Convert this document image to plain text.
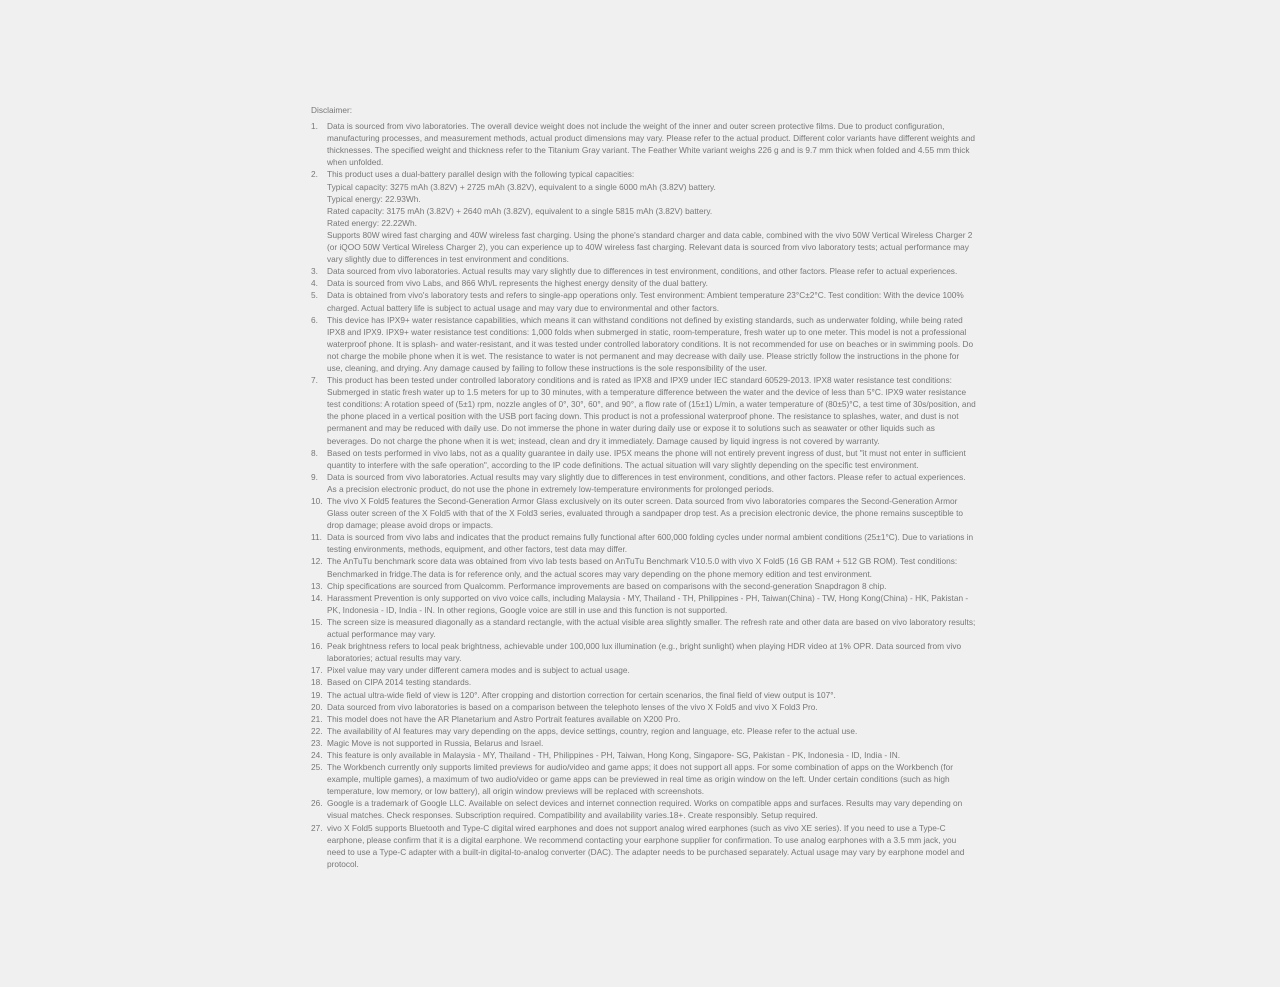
Disclaimer:
1.	Data is sourced from vivo laboratories. The overall device weight does not include the weight of the inner and outer screen protective films. Due to product configuration, manufacturing processes, and measurement methods, actual product dimensions may vary. Please refer to the actual product. Different color variants have different weights and thicknesses. The specified weight and thickness refer to the Titanium Gray variant. The Feather White variant weighs 226 g and is 9.7 mm thick when folded and 4.55 mm thick when unfolded.
2.	This product uses a dual-battery parallel design with the following typical capacities:
Typical capacity: 3275 mAh (3.82V) + 2725 mAh (3.82V), equivalent to a single 6000 mAh (3.82V) battery.
Typical energy: 22.93Wh.
Rated capacity: 3175 mAh (3.82V) + 2640 mAh (3.82V), equivalent to a single 5815 mAh (3.82V) battery.
Rated energy: 22.22Wh.
Supports 80W wired fast charging and 40W wireless fast charging. Using the phone's standard charger and data cable, combined with the vivo 50W Vertical Wireless Charger 2 (or iQOO 50W Vertical Wireless Charger 2), you can experience up to 40W wireless fast charging. Relevant data is sourced from vivo laboratory tests; actual performance may vary slightly due to differences in test environment and conditions.
3.	Data sourced from vivo laboratories. Actual results may vary slightly due to differences in test environment, conditions, and other factors. Please refer to actual experiences.
4.	Data is sourced from vivo Labs, and 866 Wh/L represents the highest energy density of the dual battery.
5.	Data is obtained from vivo's laboratory tests and refers to single-app operations only. Test environment: Ambient temperature 23°C±2°C. Test condition: With the device 100% charged. Actual battery life is subject to actual usage and may vary due to environmental and other factors.
6.	This device has IPX9+ water resistance capabilities, which means it can withstand conditions not defined by existing standards, such as underwater folding, while being rated IPX8 and IPX9. IPX9+ water resistance test conditions: 1,000 folds when submerged in static, room-temperature, fresh water up to one meter. This model is not a professional waterproof phone. It is splash- and water-resistant, and it was tested under controlled laboratory conditions. It is not recommended for use on beaches or in swimming pools. Do not charge the mobile phone when it is wet. The resistance to water is not permanent and may decrease with daily use. Please strictly follow the instructions in the phone for use, cleaning, and drying. Any damage caused by failing to follow these instructions is the sole responsibility of the user.
7.	This product has been tested under controlled laboratory conditions and is rated as IPX8 and IPX9 under IEC standard 60529-2013. IPX8 water resistance test conditions: Submerged in static fresh water up to 1.5 meters for up to 30 minutes, with a temperature difference between the water and the device of less than 5°C. IPX9 water resistance test conditions: A rotation speed of (5±1) rpm, nozzle angles of 0°, 30°, 60°, and 90°, a flow rate of (15±1) L/min, a water temperature of (80±5)°C, a test time of 30s/position, and the phone placed in a vertical position with the USB port facing down. This product is not a professional waterproof phone. The resistance to splashes, water, and dust is not permanent and may be reduced with daily use. Do not immerse the phone in water during daily use or expose it to solutions such as seawater or other liquids such as beverages. Do not charge the phone when it is wet; instead, clean and dry it immediately. Damage caused by liquid ingress is not covered by warranty.
8.	Based on tests performed in vivo labs, not as a quality guarantee in daily use. IP5X means the phone will not entirely prevent ingress of dust, but "it must not enter in sufficient quantity to interfere with the safe operation", according to the IP code definitions. The actual situation will vary slightly depending on the specific test environment.
9.	Data is sourced from vivo laboratories. Actual results may vary slightly due to differences in test environment, conditions, and other factors. Please refer to actual experiences. As a precision electronic product, do not use the phone in extremely low-temperature environments for prolonged periods.
10. The vivo X Fold5 features the Second-Generation Armor Glass exclusively on its outer screen. Data sourced from vivo laboratories compares the Second-Generation Armor Glass outer screen of the X Fold5 with that of the X Fold3 series, evaluated through a sandpaper drop test. As a precision electronic device, the phone remains susceptible to drop damage; please avoid drops or impacts.
11. Data is sourced from vivo labs and indicates that the product remains fully functional after 600,000 folding cycles under normal ambient conditions (25±1°C). Due to variations in testing environments, methods, equipment, and other factors, test data may differ.
12. The AnTuTu benchmark score data was obtained from vivo lab tests based on AnTuTu Benchmark V10.5.0 with vivo X Fold5 (16 GB RAM + 512 GB ROM). Test conditions: Benchmarked in fridge.The data is for reference only, and the actual scores may vary depending on the phone memory edition and test environment.
13. Chip specifications are sourced from Qualcomm. Performance improvements are based on comparisons with the second-generation Snapdragon 8 chip.
14. Harassment Prevention is only supported on vivo voice calls, including Malaysia - MY, Thailand - TH, Philippines - PH, Taiwan(China) - TW, Hong Kong(China) - HK, Pakistan - PK, Indonesia - ID, India - IN. In other regions, Google voice are still in use and this function is not supported.
15. The screen size is measured diagonally as a standard rectangle, with the actual visible area slightly smaller. The refresh rate and other data are based on vivo laboratory results; actual performance may vary.
16. Peak brightness refers to local peak brightness, achievable under 100,000 lux illumination (e.g., bright sunlight) when playing HDR video at 1% OPR. Data sourced from vivo laboratories; actual results may vary.
17. Pixel value may vary under different camera modes and is subject to actual usage.
18. Based on CIPA 2014 testing standards.
19. The actual ultra-wide field of view is 120°. After cropping and distortion correction for certain scenarios, the final field of view output is 107°.
20. Data sourced from vivo laboratories is based on a comparison between the telephoto lenses of the vivo X Fold5 and vivo X Fold3 Pro.
21. This model does not have the AR Planetarium and Astro Portrait features available on X200 Pro.
22. The availability of AI features may vary depending on the apps, device settings, country, region and language, etc. Please refer to the actual use.
23. Magic Move is not supported in Russia, Belarus and Israel.
24. This feature is only available in Malaysia - MY, Thailand - TH, Philippines - PH, Taiwan, Hong Kong, Singapore- SG, Pakistan - PK, Indonesia - ID, India - IN.
25. The Workbench currently only supports limited previews for audio/video and game apps; it does not support all apps. For some combination of apps on the Workbench (for example, multiple games), a maximum of two audio/video or game apps can be previewed in real time as origin window on the left. Under certain conditions (such as high temperature, low memory, or low battery), all origin window previews will be replaced with screenshots.
26. Google is a trademark of Google LLC. Available on select devices and internet connection required. Works on compatible apps and surfaces. Results may vary depending on visual matches. Check responses. Subscription required. Compatibility and availability varies.18+. Create responsibly. Setup required.
27. vivo X Fold5 supports Bluetooth and Type-C digital wired earphones and does not support analog wired earphones (such as vivo XE series). If you need to use a Type-C earphone, please confirm that it is a digital earphone. We recommend contacting your earphone supplier for confirmation. To use analog earphones with a 3.5 mm jack, you need to use a Type-C adapter with a built-in digital-to-analog converter (DAC). The adapter needs to be purchased separately. Actual usage may vary by earphone model and protocol.
